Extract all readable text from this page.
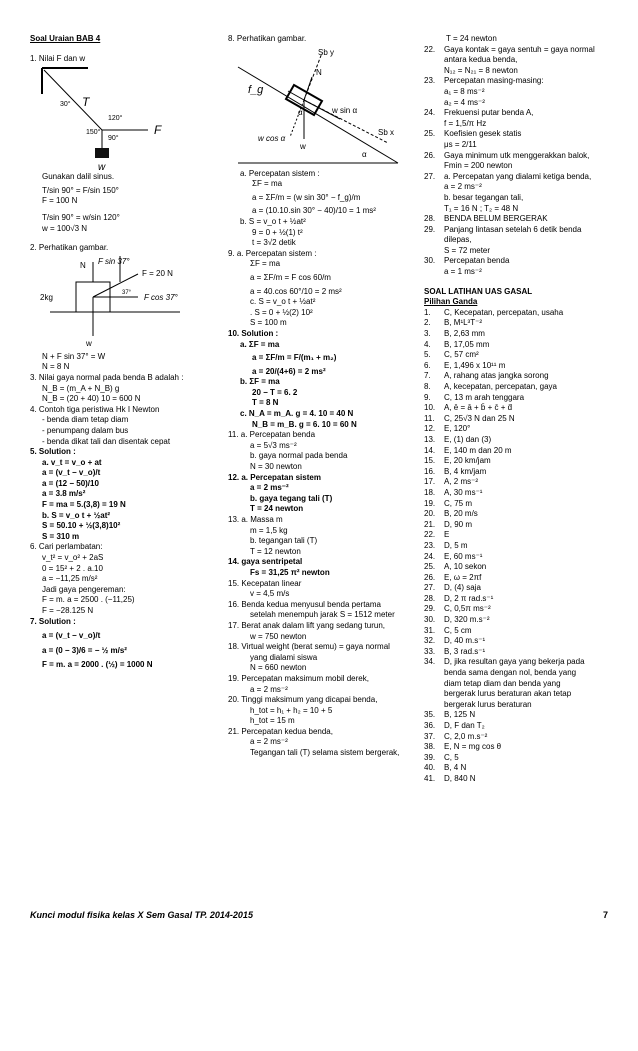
Soal Uraian BAB 4
1. Nilai F dan w
30° T
120°
150°
90°
F
w
Gunakan dalil sinus.
T/sin 90° = F/sin 150°
F = 100 N
T/sin 90° = w/sin 120°
w = 100√3 N
2. Perhatikan gambar.
N F sin 37°
F = 20 N
2kg	37° F cos 37°
w
N + F sin 37° = W
N = 8 N
3. Nilai gaya normal pada benda B adalah :
N_B = (m_A + N_B) g
N_B = (20 + 40) 10 = 600 N
4. Contoh tiga peristiwa Hk I Newton
- benda diam tetap diam
- penumpang dalam bus
- benda dikat tali dan disentak cepat
5. Solution :
a. v_t = v_o + at
a = (v_t − v_o)/t
a = (12 − 50)/10
a = 3.8 m/s²
F = ma = 5.(3,8) = 19 N
b. S = v_o t + ½at²
S = 50.10 + ½(3,8)10²
S = 310 m
6. Cari perlambatan:
v_t² = v_o² + 2aS
0 = 15² + 2 . a.10
a = −11,25 m/s²
Jadi gaya pengereman:
F = m. a = 2500 . (−11,25)
F = −28.125 N
7. Solution :
a = (v_t − v_o)/t
a = (0 − 3)/6 = − ½ m/s²
F = m. a = 2000 . (½) = 1000 N
8. Perhatikan gambar.
Sb y
f_g
N
α	w sin α
Sb x
w cos α
w
α
a. Percepatan sistem :
ΣF = ma
a = ΣF/m = (w sin 30° − f_g)/m
a = (10.10.sin 30° − 40)/10 = 1 ms²
b. S = v_o t + ½at²
9 = 0 + ½(1) t²
t = 3√2 detik
9. a. Percepatan sistem :
ΣF = ma
a = ΣF/m = F cos 60/m
a = 40.cos 60°/10 = 2 ms²
c. S = v_o t + ½at²
. S = 0 + ½(2) 10²
S = 100 m
10. Solution :
a. ΣF = ma
a = ΣF/m = F/(m₁ + m₂)
a = 20/(4+6) = 2 ms²
b. ΣF = ma
20 − T = 6. 2
T = 8 N
c. N_A = m_A. g = 4. 10 = 40 N
N_B = m_B. g = 6. 10 = 60 N
11. a. Percepatan benda
a = 5√3 ms⁻²
b. gaya normal pada benda
N = 30 newton
12. a. Percepatan sistem
a = 2 ms⁻²
b. gaya tegang tali (T)
T = 24 newton
13. a. Massa m
m = 1,5 kg
b. tegangan tali (T)
T = 12 newton
14. gaya sentripetal
Fs = 31,25 π² newton
15. Kecepatan linear
v = 4,5 m/s
16. Benda kedua menyusul benda pertama
setelah menempuh jarak S = 1512 meter
17. Berat anak dalam lift yang sedang turun,
w = 750 newton
18. Virtual weight (berat semu) = gaya normal
yang dialami siswa
N = 660 newton
19. Percepatan maksimum mobil derek,
a = 2 ms⁻²
20. Tinggi maksimum yang dicapai benda,
h_tot = h₁ + h₂ = 10 + 5
h_tot = 15 m
21. Percepatan kedua benda,
a = 2 ms⁻²
Tegangan tali (T) selama sistem bergerak,
T = 24 newton
22.	Gaya kontak = gaya sentuh = gaya normal
antara kedua benda,
N₁₂ = N₂₁ = 8 newton
23.	Percepatan masing-masing:
a₁ = 8 ms⁻²
a₂ = 4 ms⁻²
24.	Frekuensi putar benda A,
f = 1,5/π Hz
25.	Koefisien gesek statis
μs = 2/11
26.	Gaya minimum utk menggerakkan balok,
Fmin = 200 newton
27.	a. Percepatan yang dialami ketiga benda,
a = 2 ms⁻²
b. besar tegangan tali,
T₁ = 16 N ; T₂ = 48 N
28.	BENDA BELUM BERGERAK
29.	Panjang lintasan setelah 6 detik benda
dilepas,
S = 72 meter
30.	Percepatan benda
a = 1 ms⁻²
SOAL LATIHAN UAS GASAL
Pilihan Ganda
1.	C, Kecepatan, percepatan, usaha
2.	B, M¹L³T⁻²
3.	B, 2,63 mm
4.	B, 17,05 mm
5.	C, 57 cm²
6.	E, 1,496 x 10¹¹ m
7.	A, rahang atas jangka sorong
8.	A, kecepatan, percepatan, gaya
9.	C, 13 m arah tenggara
10.	A, ē = ā + b̄ + c̄ + d̄
11.	C, 25√3 N dan 25 N
12.	E, 120°
13.	E, (1) dan (3)
14.	E, 140 m dan 20 m
15.	E, 20 km/jam
16.	B, 4 km/jam
17.	A, 2 ms⁻²
18.	A, 30 ms⁻¹
19.	C, 75 m
20.	B, 20 m/s
21.	D, 90 m
22.	E
23.	D, 5 m
24.	E, 60 ms⁻¹
25.	A, 10 sekon
26.	E, ω = 2πf
27.	D, (4) saja
28.	D, 2 π rad.s⁻¹
29.	C, 0,5π ms⁻²
30.	D, 320 m.s⁻²
31.	C, 5 cm
32.	D, 40 m.s⁻¹
33.	B, 3 rad.s⁻¹
34.	D, jika resultan gaya yang bekerja pada
benda sama dengan nol, benda yang
diam tetap diam dan benda yang
bergerak lurus beraturan akan tetap
bergerak lurus beraturan
35.	B, 125 N
36.	D, F dan T₂
37.	C, 2,0 m.s⁻²
38.	E, N = mg cos θ
39.	C, 5
40.	B, 4 N
41.	D, 840 N
Kunci modul fisika kelas X Sem Gasal TP. 2014-2015	7
